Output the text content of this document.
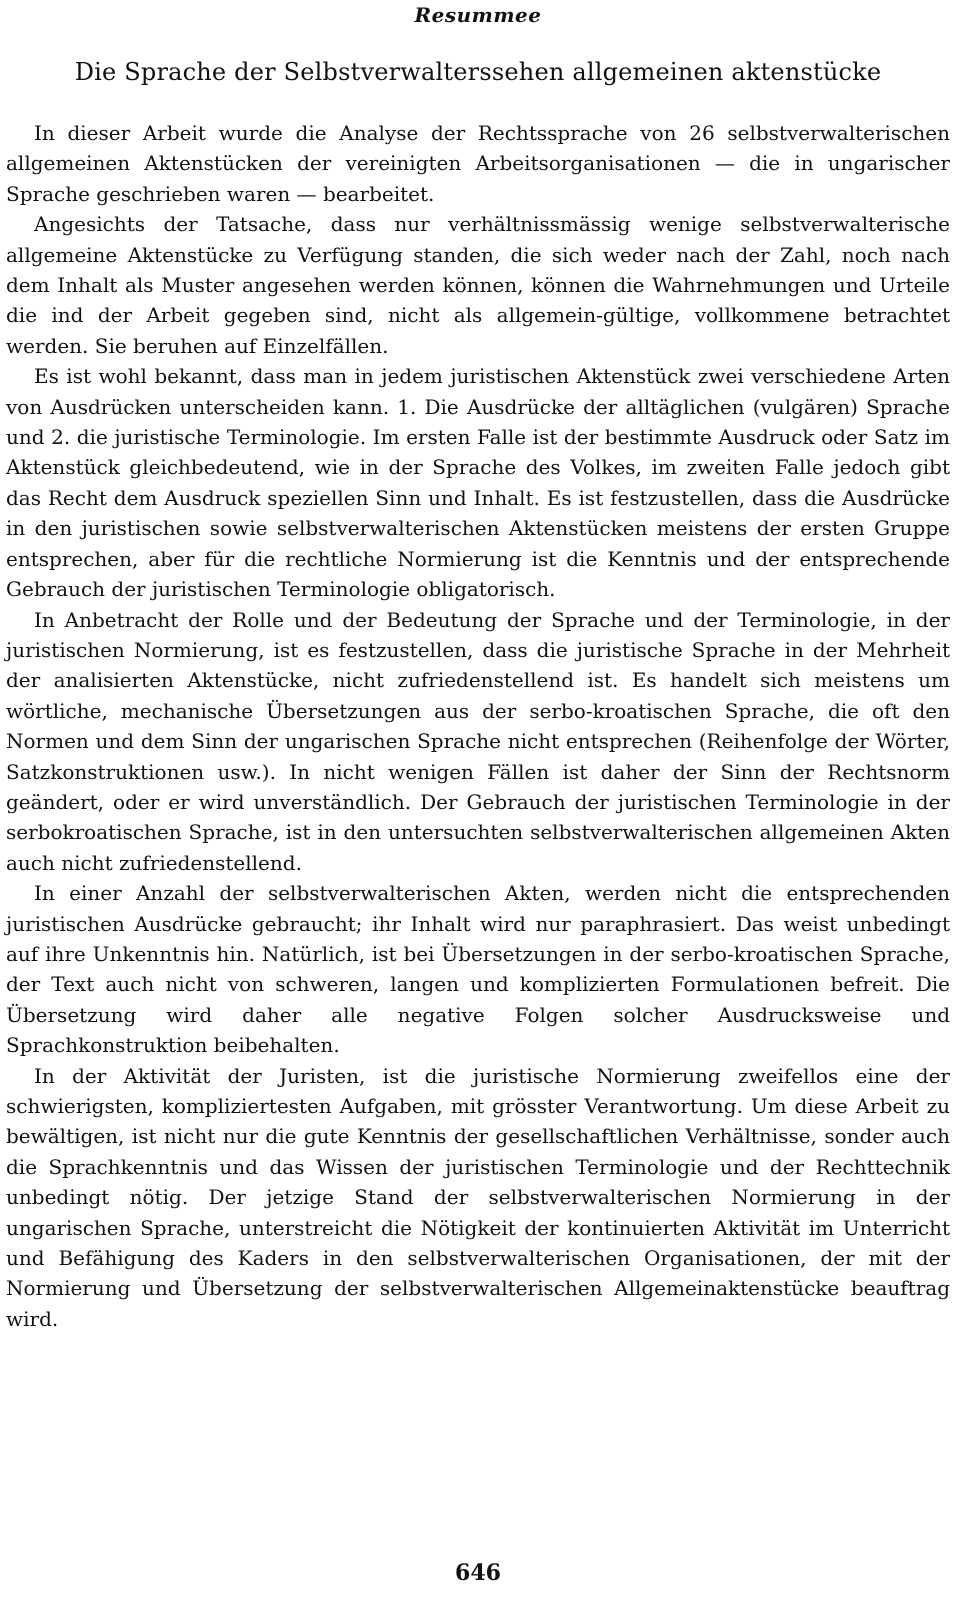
Resummee
Die Sprache der Selbstverwalterssehen allgemeinen aktenstücke

In dieser Arbeit wurde die Analyse der Rechtssprache von 26 selbstverwalterischen allgemeinen Aktenstücken der vereinigten Arbeitsorganisationen — die in ungarischer Sprache geschrieben waren — bearbeitet.

Angesichts der Tatsache, dass nur verhältnissmässig wenige selbstverwalterische allgemeine Aktenstücke zu Verfügung standen, die sich weder nach der Zahl, noch nach dem Inhalt als Muster angesehen werden können, können die Wahrnehmungen und Urteile die ind der Arbeit gegeben sind, nicht als allgemein-gültige, vollkommene betrachtet werden. Sie beruhen auf Einzelfällen.

Es ist wohl bekannt, dass man in jedem juristischen Aktenstück zwei verschiedene Arten von Ausdrücken unterscheiden kann. 1. Die Ausdrücke der alltäglichen (vulgären) Sprache und 2. die juristische Terminologie. Im ersten Falle ist der bestimmte Ausdruck oder Satz im Aktenstück gleichbedeutend, wie in der Sprache des Volkes, im zweiten Falle jedoch gibt das Recht dem Ausdruck speziellen Sinn und Inhalt. Es ist festzustellen, dass die Ausdrücke in den juristischen sowie selbstverwalterischen Aktenstücken meistens der ersten Gruppe entsprechen, aber für die rechtliche Normierung ist die Kenntnis und der entsprechende Gebrauch der juristischen Terminologie obligatorisch.

In Anbetracht der Rolle und der Bedeutung der Sprache und der Terminologie, in der juristischen Normierung, ist es festzustellen, dass die juristische Sprache in der Mehrheit der analisierten Aktenstücke, nicht zufriedenstellend ist. Es handelt sich meistens um wörtliche, mechanische Übersetzungen aus der serbo-kroatischen Sprache, die oft den Normen und dem Sinn der ungarischen Sprache nicht entsprechen (Reihenfolge der Wörter, Satzkonstruktionen usw.). In nicht wenigen Fällen ist daher der Sinn der Rechtsnorm geändert, oder er wird unverständlich. Der Gebrauch der juristischen Terminologie in der serbokroatischen Sprache, ist in den untersuchten selbstverwalterischen allgemeinen Akten auch nicht zufriedenstellend.

In einer Anzahl der selbstverwalterischen Akten, werden nicht die entsprechenden juristischen Ausdrücke gebraucht; ihr Inhalt wird nur paraphrasiert. Das weist unbedingt auf ihre Unkenntnis hin. Natürlich, ist bei Übersetzungen in der serbo-kroatischen Sprache, der Text auch nicht von schweren, langen und komplizierten Formulationen befreit. Die Übersetzung wird daher alle negative Folgen solcher Ausdrucksweise und Sprachkonstruktion beibehalten.

In der Aktivität der Juristen, ist die juristische Normierung zweifellos eine der schwierigsten, kompliziertesten Aufgaben, mit grösster Verantwortung. Um diese Arbeit zu bewältigen, ist nicht nur die gute Kenntnis der gesellschaftlichen Verhältnisse, sonder auch die Sprachkenntnis und das Wissen der juristischen Terminologie und der Rechttechnik unbedingt nötig. Der jetzige Stand der selbstverwalterischen Normierung in der ungarischen Sprache, unterstreicht die Nötigkeit der kontinuierten Aktivität im Unterricht und Befähigung des Kaders in den selbstverwalterischen Organisationen, der mit der Normierung und Übersetzung der selbstverwalterischen Allgemeinaktenstücke beauftrag wird.

646
